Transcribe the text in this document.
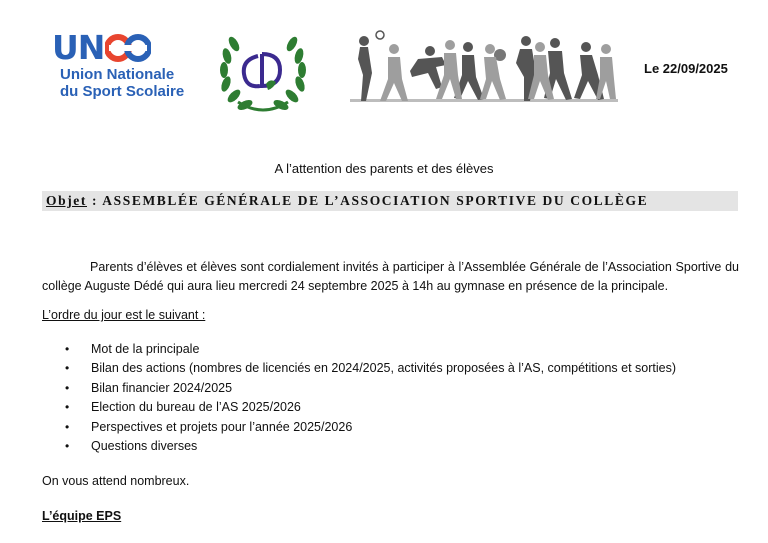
UN
Union Nationale
du Sport Scolaire
Le 22/09/2025
A l’attention des parents et des élèves
Objet : ASSEMBLÉE GÉNÉRALE DE L’ASSOCIATION SPORTIVE DU COLLÈGE
Parents d’élèves et élèves sont cordialement invités à participer à l’Assemblée Générale de l’Association Sportive du collège Auguste Dédé qui aura lieu mercredi 24 septembre 2025 à 14h au gymnase en présence de la principale.
L’ordre du jour est le suivant :
• Mot de la principale
• Bilan des actions (nombres de licenciés en 2024/2025, activités proposées à l’AS, compétitions et sorties)
• Bilan financier 2024/2025
• Election du bureau de l’AS 2025/2026
• Perspectives et projets pour l’année 2025/2026
• Questions diverses
On vous attend nombreux.
L’équipe EPS
